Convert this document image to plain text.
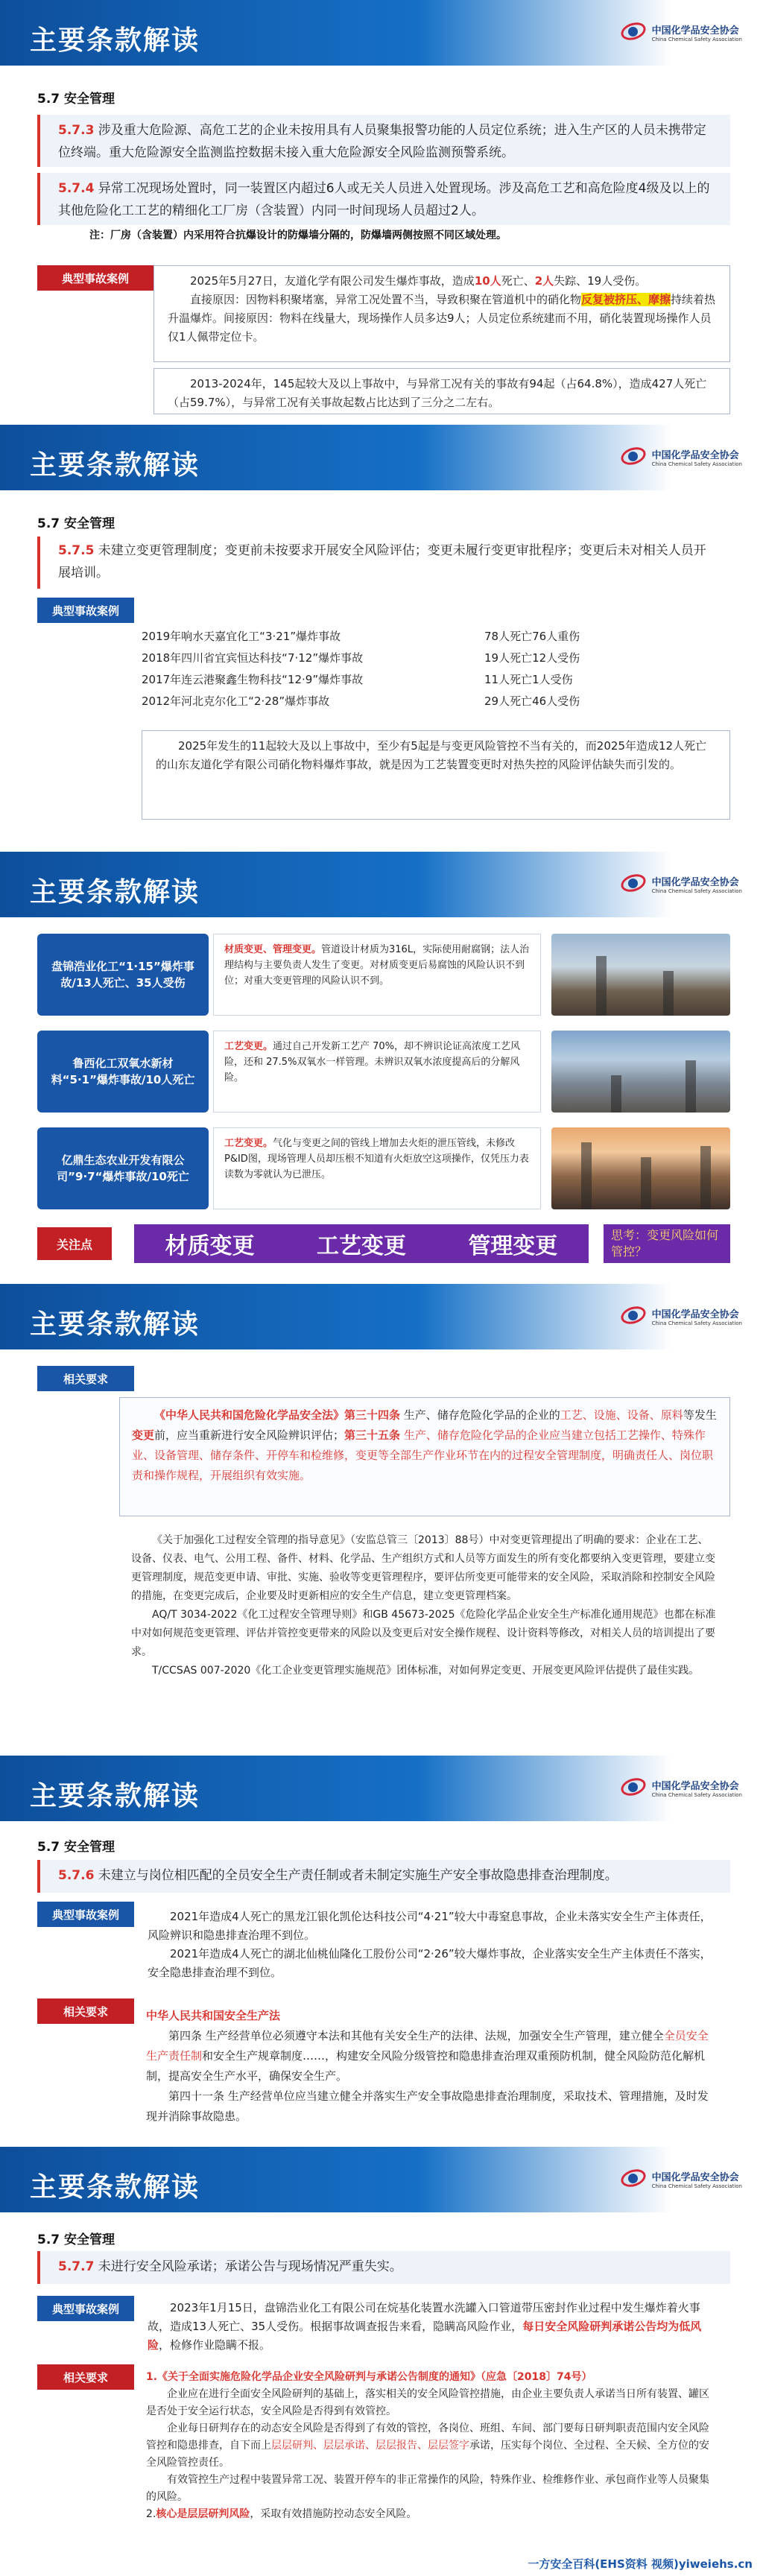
主要条款解读	中国化学品安全协会
China Chemical Safety Association
5.7 安全管理
5.7.3 涉及重大危险源、高危工艺的企业未按用具有人员聚集报警功能的人员定位系统；进入生产区的人员未携带定位终端。重大危险源安全监测监控数据未接入重大危险源安全风险监测预警系统。
5.7.4 异常工况现场处置时，同一装置区内超过6人或无关人员进入处置现场。涉及高危工艺和高危险度4级及以上的其他危险化工工艺的精细化工厂房（含装置）内同一时间现场人员超过2人。
注：厂房（含装置）内采用符合抗爆设计的防爆墙分隔的，防爆墙两侧按照不同区域处理。
典型事故案例	2025年5月27日，友道化学有限公司发生爆炸事故，造成10人死亡、2人失踪、19人受伤。

直接原因：因物料积聚堵塞，异常工况处置不当，导致积聚在管道机中的硝化物反复被挤压、摩擦持续着热升温爆炸。间接原因：物料在线量大，现场操作人员多达9人；人员定位系统建而不用，硝化装置现场操作人员仅1人佩带定位卡。

2013-2024年，145起较大及以上事故中，与异常工况有关的事故有94起（占64.8%），造成427人死亡（占59.7%），与异常工况有关事故起数占比达到了三分之二左右。

主要条款解读	中国化学品安全协会
China Chemical Safety Association
5.7 安全管理
5.7.5 未建立变更管理制度；变更前未按要求开展安全风险评估；变更未履行变更审批程序；变更后未对相关人员开展培训。
典型事故案例
2019年响水天嘉宜化工“3·21”爆炸事故	78人死亡76人重伤
2018年四川省宜宾恒达科技“7·12”爆炸事故	19人死亡12人受伤
2017年连云港聚鑫生物科技“12·9”爆炸事故	11人死亡1人受伤
2012年河北克尔化工“2·28”爆炸事故	29人死亡46人受伤

2025年发生的11起较大及以上事故中，至少有5起是与变更风险管控不当有关的，而2025年造成12人死亡的山东友道化学有限公司硝化物料爆炸事故，就是因为工艺装置变更时对热失控的风险评估缺失而引发的。

主要条款解读	中国化学品安全协会
China Chemical Safety Association
盘锦浩业化工“1·15”爆炸事故/13人死亡、35人受伤
材质变更、管理变更。管道设计材质为316L，实际使用耐腐钢；法人治理结构与主要负责人发生了变更。对材质变更后易腐蚀的风险认识不到位；对重大变更管理的风险认识不到。
鲁西化工双氧水新材料“5·1”爆炸事故/10人死亡
工艺变更。通过自己开发新工艺产 70%，却不辨识论证高浓度工艺风险，还和 27.5%双氧水一样管理。未辨识双氧水浓度提高后的分解风险。
亿鼎生态农业开发有限公司”9·7“爆炸事故/10死亡
工艺变更。气化与变更之间的管线上增加去火炬的泄压管线，未修改P&ID图，现场管理人员却压根不知道有火炬放空这项操作，仅凭压力表读数为零就认为已泄压。
关注点	材质变更	工艺变更	管理变更	思考：变更风险如何管控？
主要条款解读	中国化学品安全协会
China Chemical Safety Association
相关要求

《中华人民共和国危险化学品安全法》第三十四条 生产、储存危险化学品的企业的工艺、设施、设备、原料等发生变更前，应当重新进行安全风险辨识评估；第三十五条 生产、储存危险化学品的企业应当建立包括工艺操作、特殊作业、设备管理、储存条件、开停车和检维修，变更等全部生产作业环节在内的过程安全管理制度，明确责任人、岗位职责和操作规程，开展组织有效实施。

《关于加强化工过程安全管理的指导意见》（安监总管三〔2013〕88号）中对变更管理提出了明确的要求：企业在工艺、设备、仪表、电气、公用工程、备件、材料、化学品、生产组织方式和人员等方面发生的所有变化都要纳入变更管理，要建立变更管理制度，规范变更申请、审批、实施、验收等变更管理程序，要评估所变更可能带来的安全风险，采取消除和控制安全风险的措施，在变更完成后，企业要及时更新相应的安全生产信息，建立变更管理档案。

AQ/T 3034-2022《化工过程安全管理导则》和GB 45673-2025《危险化学品企业安全生产标准化通用规范》也都在标准中对如何规范变更管理、评估并管控变更带来的风险以及变更后对安全操作规程、设计资料等修改，对相关人员的培训提出了要求。

T/CCSAS 007-2020《化工企业变更管理实施规范》团体标准，对如何界定变更、开展变更风险评估提供了最佳实践。

主要条款解读	中国化学品安全协会
China Chemical Safety Association
5.7 安全管理
5.7.6 未建立与岗位相匹配的全员安全生产责任制或者未制定实施生产安全事故隐患排查治理制度。
典型事故案例	2021年造成4人死亡的黑龙江银化凯伦达科技公司“4·21”较大中毒窒息事故，企业未落实安全生产主体责任，风险辨识和隐患排查治理不到位。

2021年造成4人死亡的湖北仙桃仙隆化工股份公司“2·26”较大爆炸事故，企业落实安全生产主体责任不落实，安全隐患排查治理不到位。

相关要求	中华人民共和国安全生产法

第四条 生产经营单位必须遵守本法和其他有关安全生产的法律、法规，加强安全生产管理，建立健全全员安全生产责任制和安全生产规章制度……，构建安全风险分级管控和隐患排查治理双重预防机制，健全风险防范化解机制，提高安全生产水平，确保安全生产。

第四十一条 生产经营单位应当建立健全并落实生产安全事故隐患排查治理制度，采取技术、管理措施，及时发现并消除事故隐患。

主要条款解读	中国化学品安全协会
China Chemical Safety Association
5.7 安全管理
5.7.7 未进行安全风险承诺；承诺公告与现场情况严重失实。
典型事故案例	2023年1月15日，盘锦浩业化工有限公司在烷基化装置水洗罐入口管道带压密封作业过程中发生爆炸着火事故，造成13人死亡、35人受伤。根据事故调查报告来看，隐瞒高风险作业，每日安全风险研判承诺公告均为低风险，检修作业隐瞒不报。

相关要求	1.《关于全面实施危险化学品企业安全风险研判与承诺公告制度的通知》（应急〔2018〕74号）

企业应在进行全面安全风险研判的基础上，落实相关的安全风险管控措施，由企业主要负责人承诺当日所有装置、罐区是否处于安全运行状态，安全风险是否得到有效管控。

企业每日研判存在的动态安全风险是否得到了有效的管控，各岗位、班组、车间、部门要每日研判职责范围内安全风险管控和隐患排查，自下而上层层研判、层层承诺、层层报告、层层签字承诺，压实每个岗位、全过程、全天候、全方位的安全风险管控责任。

有效管控生产过程中装置异常工况、装置开停车的非正常操作的风险，特殊作业、检维修作业、承包商作业等人员聚集的风险。

2.核心是层层研判风险，采取有效措施防控动态安全风险。
一方安全百科(EHS资料 视频)yiweiehs.cn
